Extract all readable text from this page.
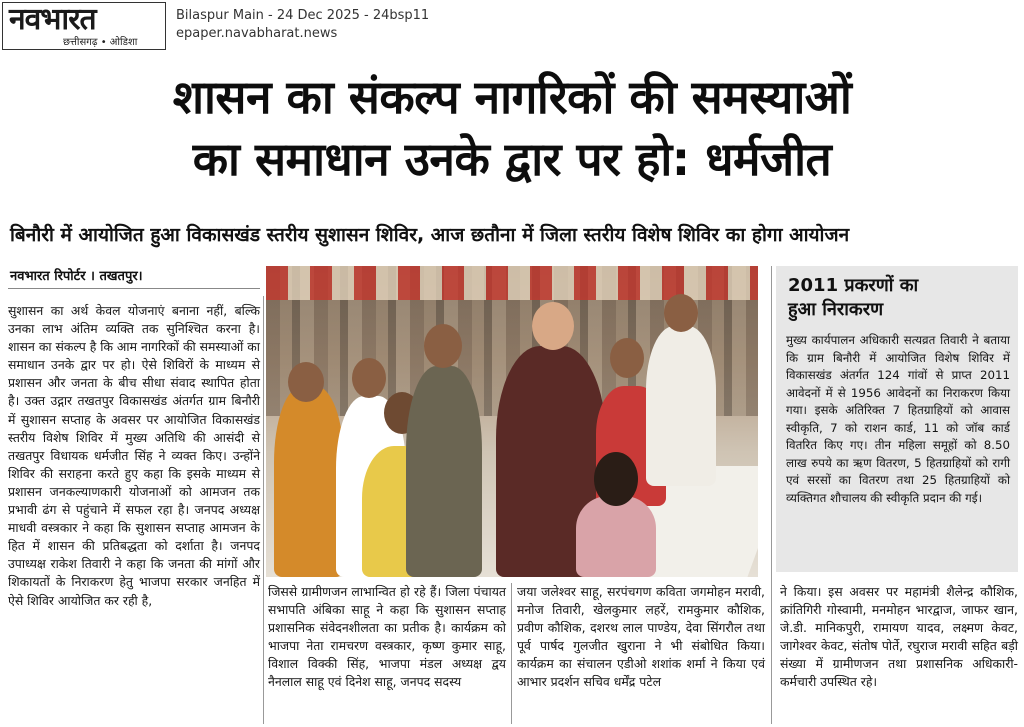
नवभारत
छत्तीसगढ़ • ओडिशा
Bilaspur Main - 24 Dec 2025 - 24bsp11
epaper.navabharat.news
शासन का संकल्प नागरिकों की समस्याओं
का समाधान उनके द्वार पर हो: धर्मजीत
बिनौरी में आयोजित हुआ विकासखंड स्तरीय सुशासन शिविर, आज छतौना में जिला स्तरीय विशेष शिविर का होगा आयोजन
नवभारत रिपोर्टर । तखतपुर।
सुशासन का अर्थ केवल योजनाएं बनाना नहीं, बल्कि उनका लाभ अंतिम व्यक्ति तक सुनिश्चित करना है। शासन का संकल्प है कि आम नागरिकों की समस्याओं का समाधान उनके द्वार पर हो। ऐसे शिविरों के माध्यम से प्रशासन और जनता के बीच सीधा संवाद स्थापित होता है। उक्त उद्गार तखतपुर विकासखंड अंतर्गत ग्राम बिनौरी में सुशासन सप्ताह के अवसर पर आयोजित विकासखंड स्तरीय विशेष शिविर में मुख्य अतिथि की आसंदी से तखतपुर विधायक धर्मजीत सिंह ने व्यक्त किए। उन्होंने शिविर की सराहना करते हुए कहा कि इसके माध्यम से प्रशासन जनकल्याणकारी योजनाओं को आमजन तक प्रभावी ढंग से पहुंचाने में सफल रहा है। जनपद अध्यक्ष माधवी वस्त्रकार ने कहा कि सुशासन सप्ताह आमजन के हित में शासन की प्रतिबद्धता को दर्शाता है। जनपद उपाध्यक्ष राकेश तिवारी ने कहा कि जनता की मांगों और शिकायतों के निराकरण हेतु भाजपा सरकार जनहित में ऐसे शिविर आयोजित कर रही है,
2011 प्रकरणों का
हुआ निराकरण
मुख्य कार्यपालन अधिकारी सत्यव्रत तिवारी ने बताया कि ग्राम बिनौरी में आयोजित विशेष शिविर में विकासखंड अंतर्गत 124 गांवों से प्राप्त 2011 आवेदनों में से 1956 आवेदनों का निराकरण किया गया। इसके अतिरिक्त 7 हितग्राहियों को आवास स्वीकृति, 7 को राशन कार्ड, 11 को जॉब कार्ड वितरित किए गए। तीन महिला समूहों को 8.50 लाख रुपये का ऋण वितरण, 5 हितग्राहियों को रागी एवं सरसों का वितरण तथा 25 हितग्राहियों को व्यक्तिगत शौचालय की स्वीकृति प्रदान की गई।
जिससे ग्रामीणजन लाभान्वित हो रहे हैं। जिला पंचायत सभापति अंबिका साहू ने कहा कि सुशासन सप्ताह प्रशासनिक संवेदनशीलता का प्रतीक है। कार्यक्रम को भाजपा नेता रामचरण वस्त्रकार, कृष्ण कुमार साहू, विशाल विक्की सिंह, भाजपा मंडल अध्यक्ष द्वय नैनलाल साहू एवं दिनेश साहू, जनपद सदस्य
जया जलेश्वर साहू, सरपंचगण कविता जगमोहन मरावी, मनोज तिवारी, खेलकुमार लहरें, रामकुमार कौशिक, प्रवीण कौशिक, दशरथ लाल पाण्डेय, देवा सिंगरौल तथा पूर्व पार्षद गुलजीत खुराना ने भी संबोधित किया। कार्यक्रम का संचालन एडीओ शशांक शर्मा ने किया एवं आभार प्रदर्शन सचिव धर्मेंद्र पटेल
ने किया। इस अवसर पर महामंत्री शैलेन्द्र कौशिक, क्रांतिगिरी गोस्वामी, मनमोहन भारद्वाज, जाफर खान, जे.डी. मानिकपुरी, रामायण यादव, लक्ष्मण केवट, जागेश्वर केवट, संतोष पोर्ते, रघुराज मरावी सहित बड़ी संख्या में ग्रामीणजन तथा प्रशासनिक अधिकारी-कर्मचारी उपस्थित रहे।
